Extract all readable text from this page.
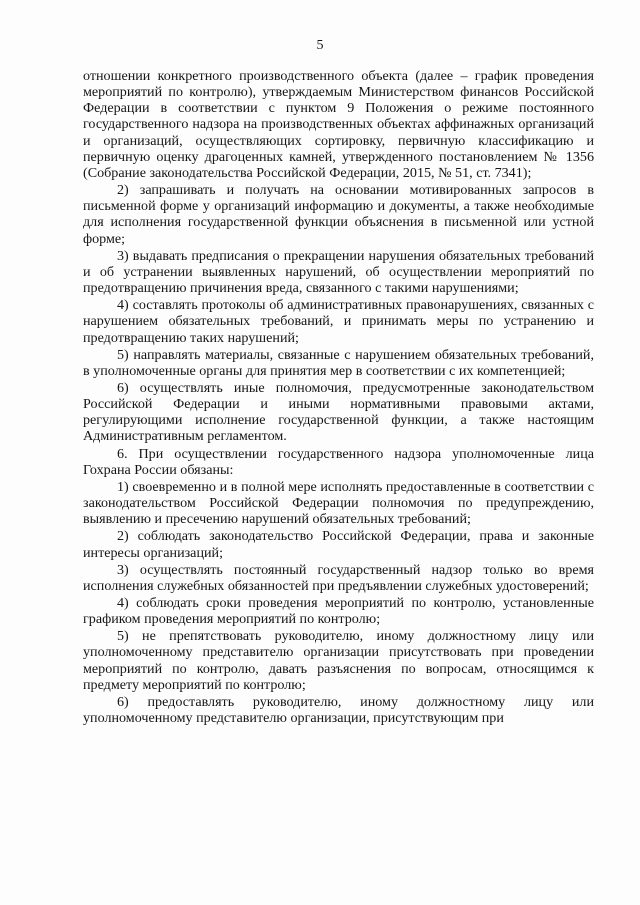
5

отношении конкретного производственного объекта (далее – график проведения мероприятий по контролю), утверждаемым Министерством финансов Российской Федерации в соответствии с пунктом 9 Положения о режиме постоянного государственного надзора на производственных объектах аффинажных организаций и организаций, осуществляющих сортировку, первичную классификацию и первичную оценку драгоценных камней, утвержденного постановлением № 1356 (Собрание законодательства Российской Федерации, 2015, № 51, ст. 7341);

2) запрашивать и получать на основании мотивированных запросов в письменной форме у организаций информацию и документы, а также необходимые для исполнения государственной функции объяснения в письменной или устной форме;

3) выдавать предписания о прекращении нарушения обязательных требований и об устранении выявленных нарушений, об осуществлении мероприятий по предотвращению причинения вреда, связанного с такими нарушениями;

4) составлять протоколы об административных правонарушениях, связанных с нарушением обязательных требований, и принимать меры по устранению и предотвращению таких нарушений;

5) направлять материалы, связанные с нарушением обязательных требований, в уполномоченные органы для принятия мер в соответствии с их компетенцией;

6) осуществлять иные полномочия, предусмотренные законодательством Российской Федерации и иными нормативными правовыми актами, регулирующими исполнение государственной функции, а также настоящим Административным регламентом.

6. При осуществлении государственного надзора уполномоченные лица Гохрана России обязаны:

1) своевременно и в полной мере исполнять предоставленные в соответствии с законодательством Российской Федерации полномочия по предупреждению, выявлению и пресечению нарушений обязательных требований;

2) соблюдать законодательство Российской Федерации, права и законные интересы организаций;

3) осуществлять постоянный государственный надзор только во время исполнения служебных обязанностей при предъявлении служебных удостоверений;

4) соблюдать сроки проведения мероприятий по контролю, установленные графиком проведения мероприятий по контролю;

5) не препятствовать руководителю, иному должностному лицу или уполномоченному представителю организации присутствовать при проведении мероприятий по контролю, давать разъяснения по вопросам, относящимся к предмету мероприятий по контролю;

6) предоставлять руководителю, иному должностному лицу или уполномоченному представителю организации, присутствующим при
